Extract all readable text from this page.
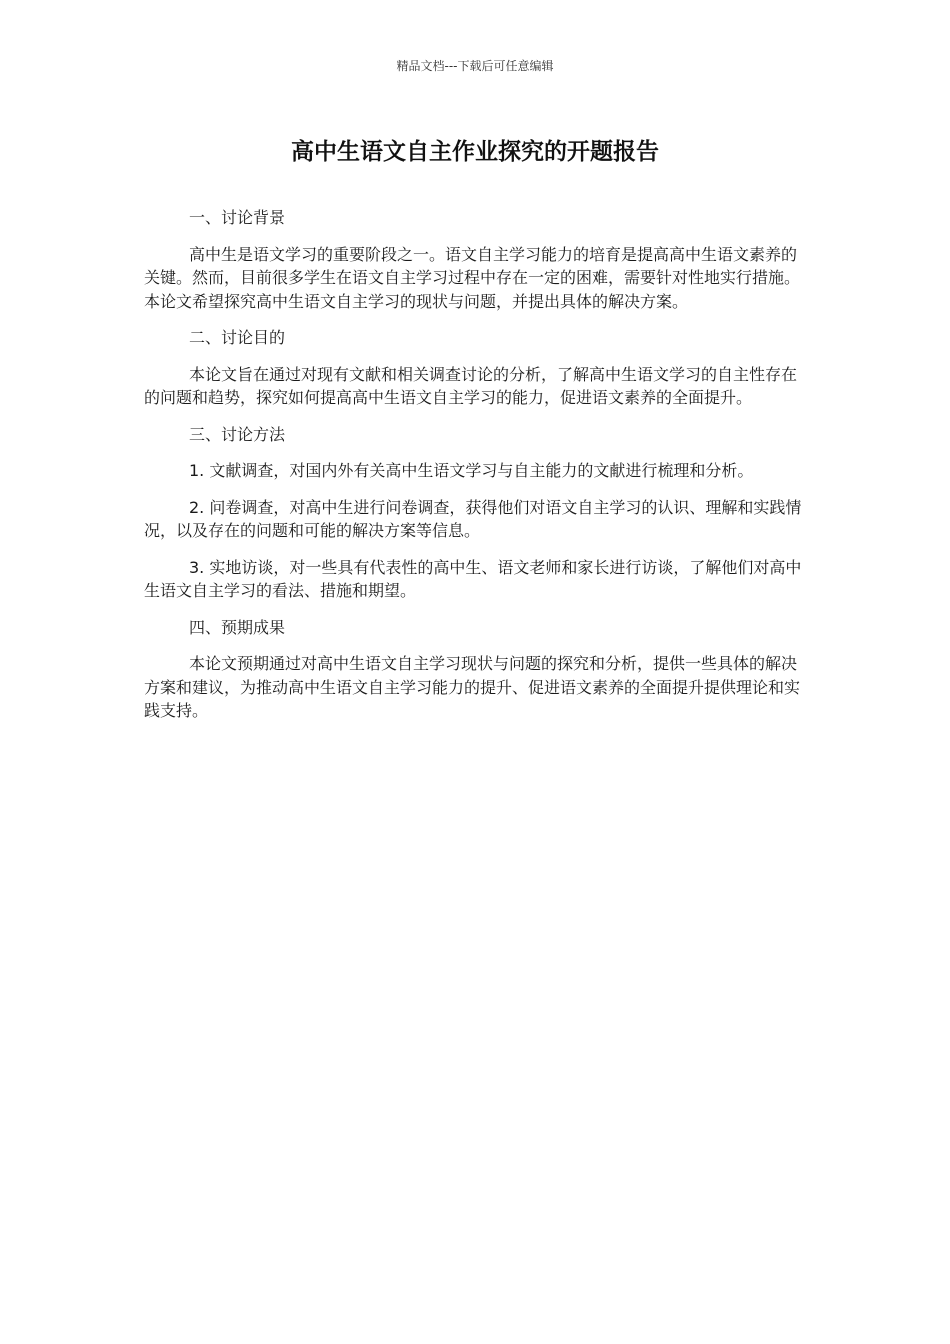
精品文档---下载后可任意编辑
高中生语文自主作业探究的开题报告

一、讨论背景

高中生是语文学习的重要阶段之一。语文自主学习能力的培育是提高高中生语文素养的关键。然而，目前很多学生在语文自主学习过程中存在一定的困难，需要针对性地实行措施。本论文希望探究高中生语文自主学习的现状与问题，并提出具体的解决方案。

二、讨论目的

本论文旨在通过对现有文献和相关调查讨论的分析，了解高中生语文学习的自主性存在的问题和趋势，探究如何提高高中生语文自主学习的能力，促进语文素养的全面提升。

三、讨论方法

1. 文献调查，对国内外有关高中生语文学习与自主能力的文献进行梳理和分析。

2. 问卷调查，对高中生进行问卷调查，获得他们对语文自主学习的认识、理解和实践情况，以及存在的问题和可能的解决方案等信息。

3. 实地访谈，对一些具有代表性的高中生、语文老师和家长进行访谈，了解他们对高中生语文自主学习的看法、措施和期望。

四、预期成果

本论文预期通过对高中生语文自主学习现状与问题的探究和分析，提供一些具体的解决方案和建议，为推动高中生语文自主学习能力的提升、促进语文素养的全面提升提供理论和实践支持。
